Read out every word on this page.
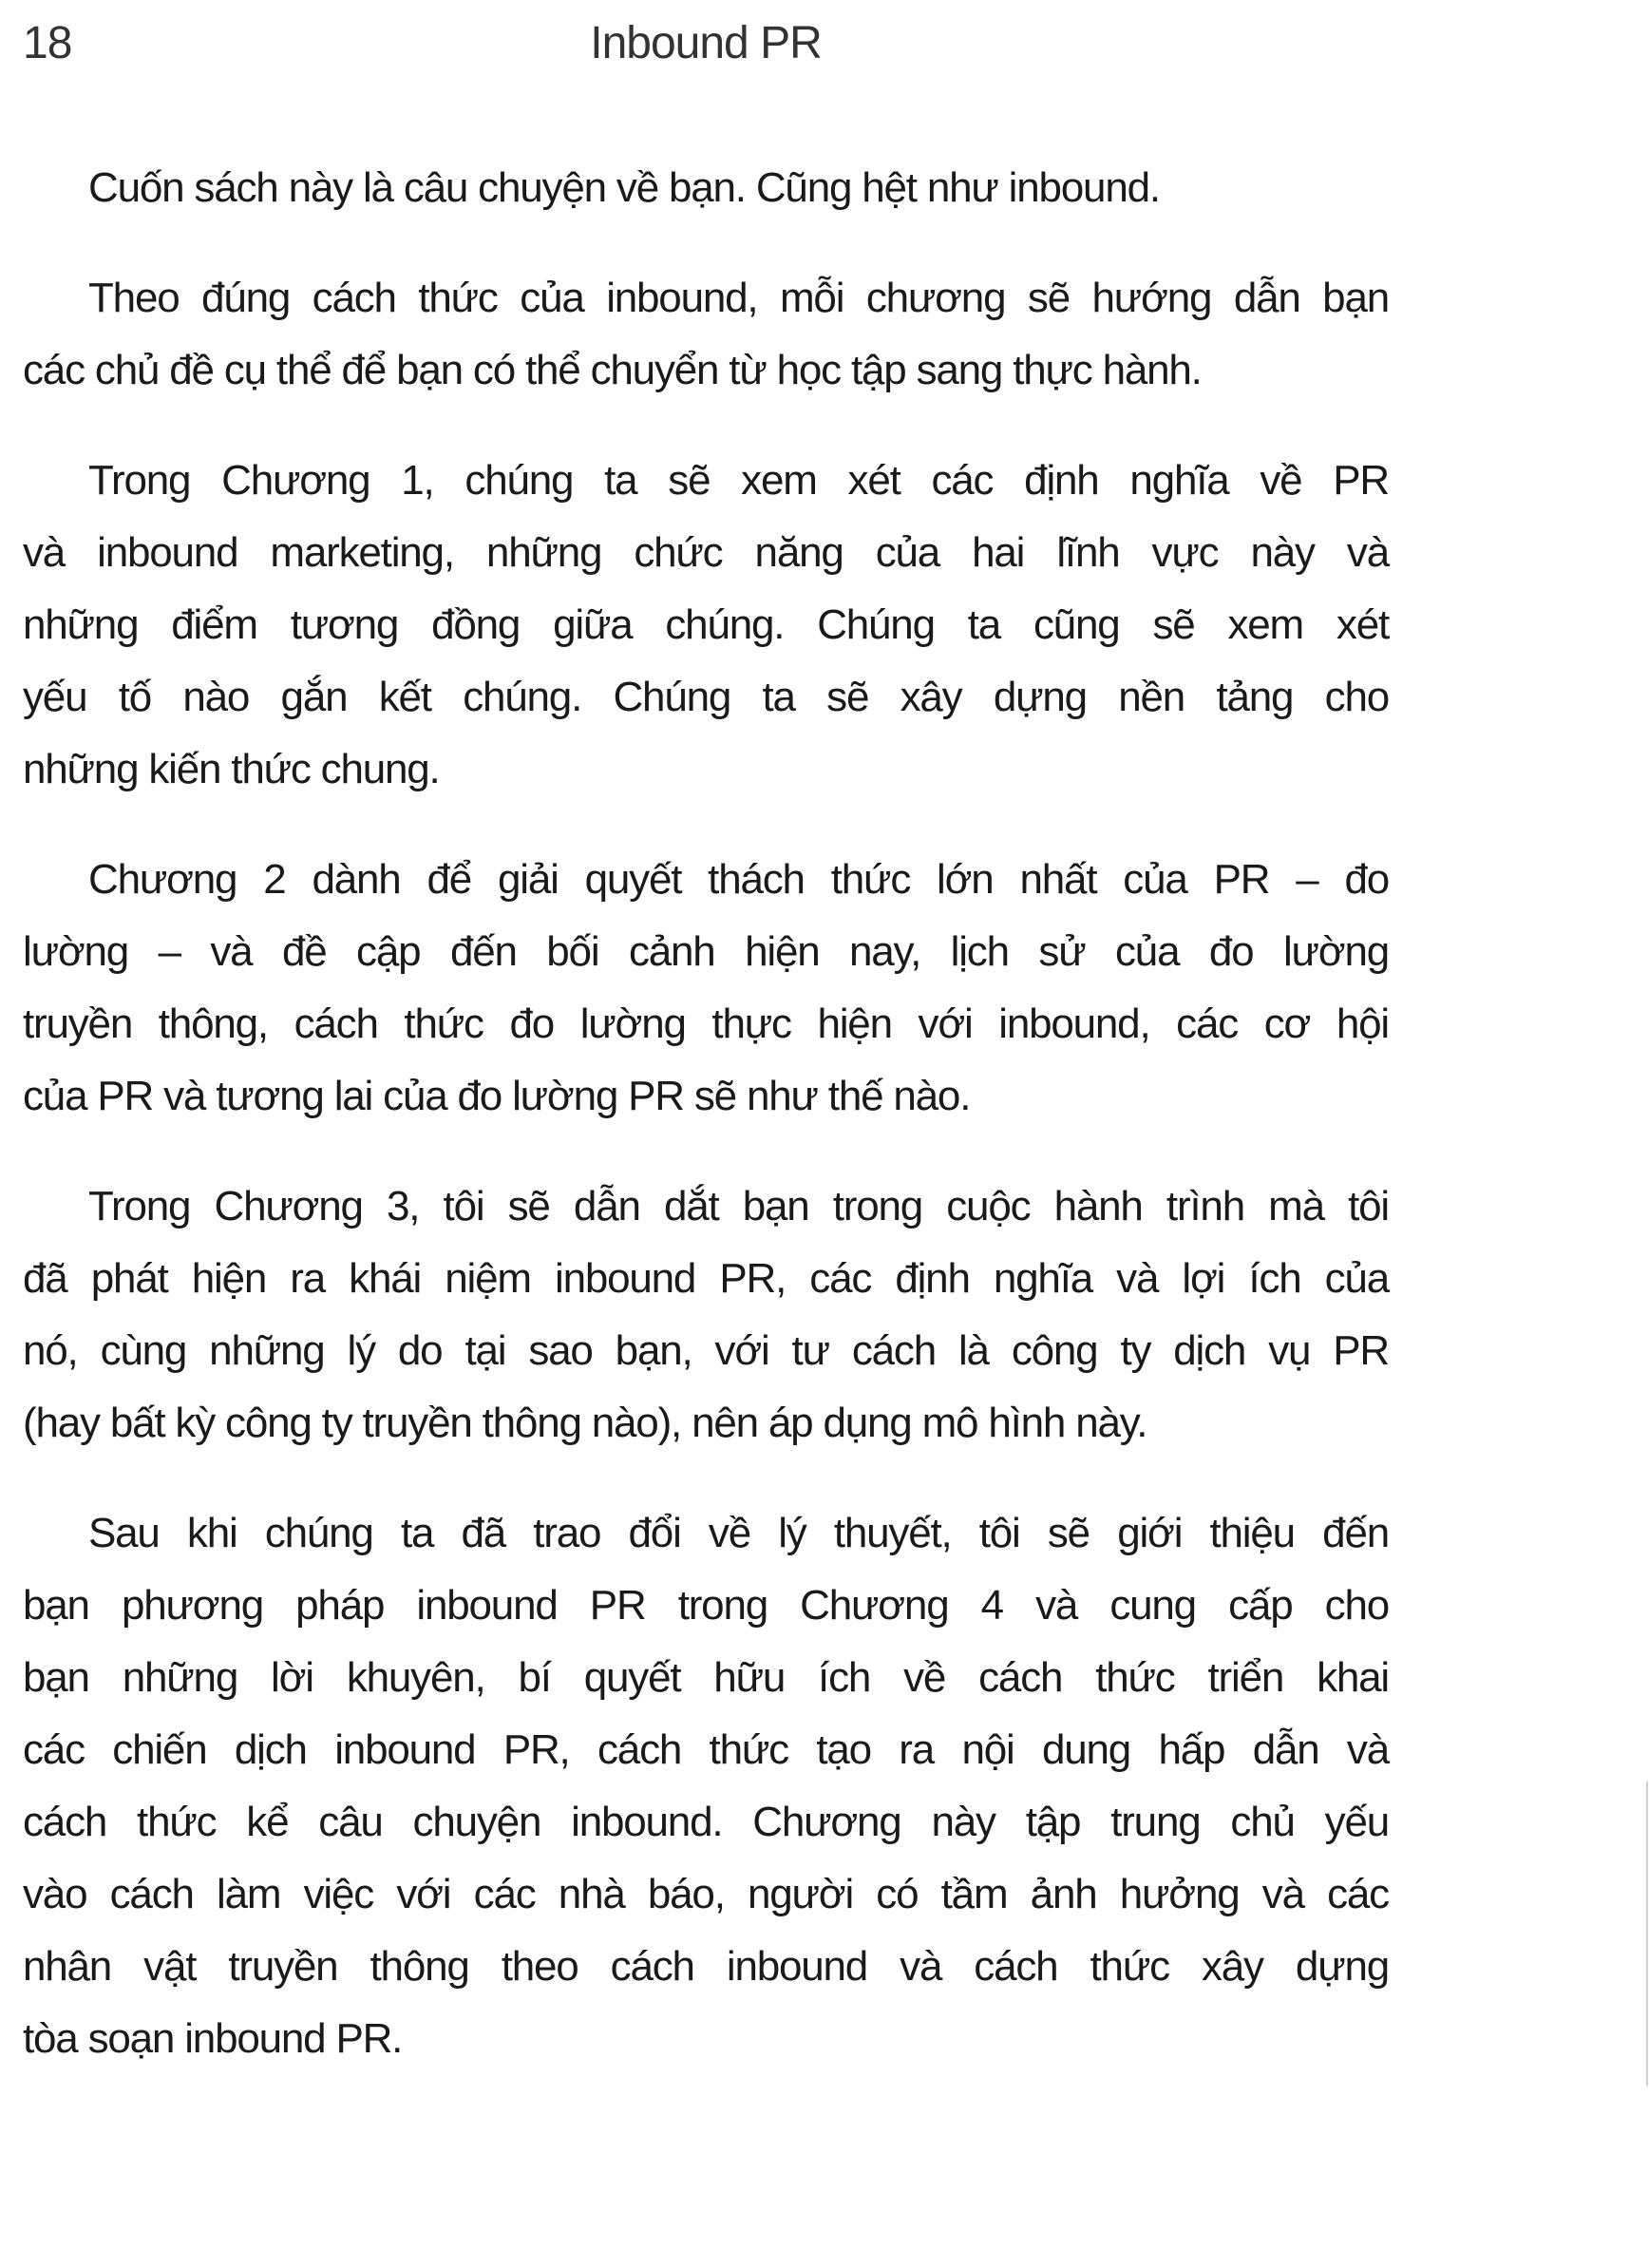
18	Inbound PR
Cuốn sách này là câu chuyện về bạn. Cũng hệt như inbound.
Theo đúng cách thức của inbound, mỗi chương sẽ hướng dẫn bạn
các chủ đề cụ thể để bạn có thể chuyển từ học tập sang thực hành.
Trong Chương 1, chúng ta sẽ xem xét các định nghĩa về PR
và inbound marketing, những chức năng của hai lĩnh vực này và
những điểm tương đồng giữa chúng. Chúng ta cũng sẽ xem xét
yếu tố nào gắn kết chúng. Chúng ta sẽ xây dựng nền tảng cho
những kiến thức chung.
Chương 2 dành để giải quyết thách thức lớn nhất của PR – đo
lường – và đề cập đến bối cảnh hiện nay, lịch sử của đo lường
truyền thông, cách thức đo lường thực hiện với inbound, các cơ hội
của PR và tương lai của đo lường PR sẽ như thế nào.
Trong Chương 3, tôi sẽ dẫn dắt bạn trong cuộc hành trình mà tôi
đã phát hiện ra khái niệm inbound PR, các định nghĩa và lợi ích của
nó, cùng những lý do tại sao bạn, với tư cách là công ty dịch vụ PR
(hay bất kỳ công ty truyền thông nào), nên áp dụng mô hình này.
Sau khi chúng ta đã trao đổi về lý thuyết, tôi sẽ giới thiệu đến
bạn phương pháp inbound PR trong Chương 4 và cung cấp cho
bạn những lời khuyên, bí quyết hữu ích về cách thức triển khai
các chiến dịch inbound PR, cách thức tạo ra nội dung hấp dẫn và
cách thức kể câu chuyện inbound. Chương này tập trung chủ yếu
vào cách làm việc với các nhà báo, người có tầm ảnh hưởng và các
nhân vật truyền thông theo cách inbound và cách thức xây dựng
tòa soạn inbound PR.
